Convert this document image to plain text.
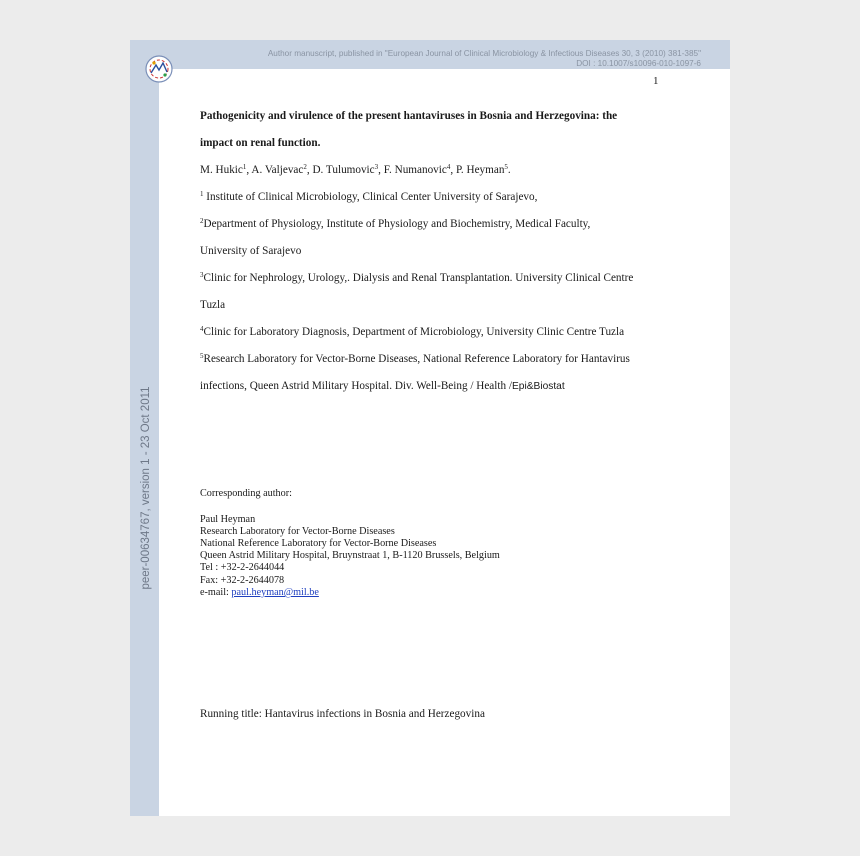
Author manuscript, published in "European Journal of Clinical Microbiology & Infectious Diseases 30, 3 (2010) 381-385"
DOI : 10.1007/s10096-010-1097-6
peer-00634767, version 1 - 23 Oct 2011
1
Pathogenicity and virulence of the present hantaviruses in Bosnia and Herzegovina: the
impact on renal function.
M. Hukic$^1$, A. Valjevac$^2$, D. Tulumovic$^3$, F. Numanovic$^4$, P. Heyman$^5$.
$^1$ Institute of Clinical Microbiology, Clinical Center University of Sarajevo,
$^2$Department of Physiology, Institute of Physiology and Biochemistry, Medical Faculty,
University of Sarajevo
$^3$Clinic for Nephrology, Urology,. Dialysis and Renal Transplantation. University Clinical Centre
Tuzla
$^4$Clinic for Laboratory Diagnosis, Department of Microbiology, University Clinic Centre Tuzla
$^5$Research Laboratory for Vector-Borne Diseases, National Reference Laboratory for Hantavirus
infections, Queen Astrid Military Hospital. Div. Well-Being / Health /Epi&Biostat
Corresponding author:
Paul Heyman
Research Laboratory for Vector-Borne Diseases
National Reference Laboratory for Vector-Borne Diseases
Queen Astrid Military Hospital, Bruynstraat 1, B-1120 Brussels, Belgium
Tel : +32-2-2644044
Fax: +32-2-2644078
e-mail: paul.heyman@mil.be
Running title: Hantavirus infections in Bosnia and Herzegovina
